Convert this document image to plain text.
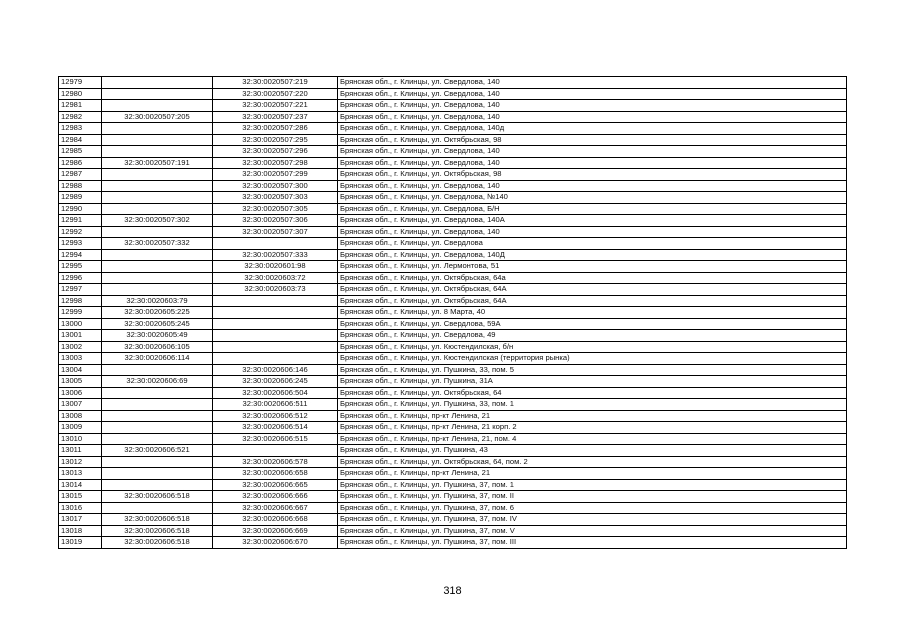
12979		32:30:0020507:219	Брянская обл., г. Клинцы, ул. Свердлова, 140
12980		32:30:0020507:220	Брянская обл., г. Клинцы, ул. Свердлова, 140
12981		32:30:0020507:221	Брянская обл., г. Клинцы, ул. Свердлова, 140
12982	32:30:0020507:205	32:30:0020507:237	Брянская обл., г. Клинцы, ул. Свердлова, 140
12983		32:30:0020507:286	Брянская обл., г. Клинцы, ул. Свердлова, 140д
12984		32:30:0020507:295	Брянская обл., г. Клинцы, ул. Октябрьская, 98
12985		32:30:0020507:296	Брянская обл., г. Клинцы, ул. Свердлова, 140
12986	32:30:0020507:191	32:30:0020507:298	Брянская обл., г. Клинцы, ул. Свердлова, 140
12987		32:30:0020507:299	Брянская обл., г. Клинцы, ул. Октябрьская, 98
12988		32:30:0020507:300	Брянская обл., г. Клинцы, ул. Свердлова, 140
12989		32:30:0020507:303	Брянская обл., г. Клинцы, ул. Свердлова, №140
12990		32:30:0020507:305	Брянская обл., г. Клинцы, ул. Свердлова, Б/Н
12991	32:30:0020507:302	32:30:0020507:306	Брянская обл., г. Клинцы, ул. Свердлова, 140А
12992		32:30:0020507:307	Брянская обл., г. Клинцы, ул. Свердлова, 140
12993	32:30:0020507:332		Брянская обл., г. Клинцы, ул. Свердлова
12994		32:30:0020507:333	Брянская обл., г. Клинцы, ул. Свердлова, 140Д
12995		32:30:0020601:98	Брянская обл., г. Клинцы, ул. Лермонтова, 51
12996		32:30:0020603:72	Брянская обл., г. Клинцы, ул. Октябрьская, 64а
12997		32:30:0020603:73	Брянская обл., г. Клинцы, ул. Октябрьская, 64А
12998	32:30:0020603:79		Брянская обл., г. Клинцы, ул. Октябрьская, 64А
12999	32:30:0020605:225		Брянская обл., г. Клинцы, ул. 8 Марта, 40
13000	32:30:0020605:245		Брянская обл., г. Клинцы, ул. Свердлова, 59А
13001	32:30:0020605:49		Брянская обл., г. Клинцы, ул. Свердлова, 49
13002	32:30:0020606:105		Брянская обл., г. Клинцы, ул. Кюстендилская, б/н
13003	32:30:0020606:114		Брянская обл., г. Клинцы, ул. Кюстендилская (территория рынка)
13004		32:30:0020606:146	Брянская обл., г. Клинцы, ул. Пушкина, 33, пом. 5
13005	32:30:0020606:69	32:30:0020606:245	Брянская обл., г. Клинцы, ул. Пушкина, 31А
13006		32:30:0020606:504	Брянская обл., г. Клинцы, ул. Октябрьская, 64
13007		32:30:0020606:511	Брянская обл., г. Клинцы, ул. Пушкина, 33, пом. 1
13008		32:30:0020606:512	Брянская обл., г. Клинцы, пр-кт Ленина, 21
13009		32:30:0020606:514	Брянская обл., г. Клинцы, пр-кт Ленина, 21 корп. 2
13010		32:30:0020606:515	Брянская обл., г. Клинцы, пр-кт Ленина, 21, пом. 4
13011	32:30:0020606:521		Брянская обл., г. Клинцы, ул. Пушкина, 43
13012		32:30:0020606:578	Брянская обл., г. Клинцы, ул. Октябрьская, 64, пом. 2
13013		32:30:0020606:658	Брянская обл., г. Клинцы, пр-кт Ленина, 21
13014		32:30:0020606:665	Брянская обл., г. Клинцы, ул. Пушкина, 37, пом. 1
13015	32:30:0020606:518	32:30:0020606:666	Брянская обл., г. Клинцы, ул. Пушкина, 37, пом. II
13016		32:30:0020606:667	Брянская обл., г. Клинцы, ул. Пушкина, 37, пом. 6
13017	32:30:0020606:518	32:30:0020606:668	Брянская обл., г. Клинцы, ул. Пушкина, 37, пом. IV
13018	32:30:0020606:518	32:30:0020606:669	Брянская обл., г. Клинцы, ул. Пушкина, 37, пом. V
13019	32:30:0020606:518	32:30:0020606:670	Брянская обл., г. Клинцы, ул. Пушкина, 37, пом. III
318
